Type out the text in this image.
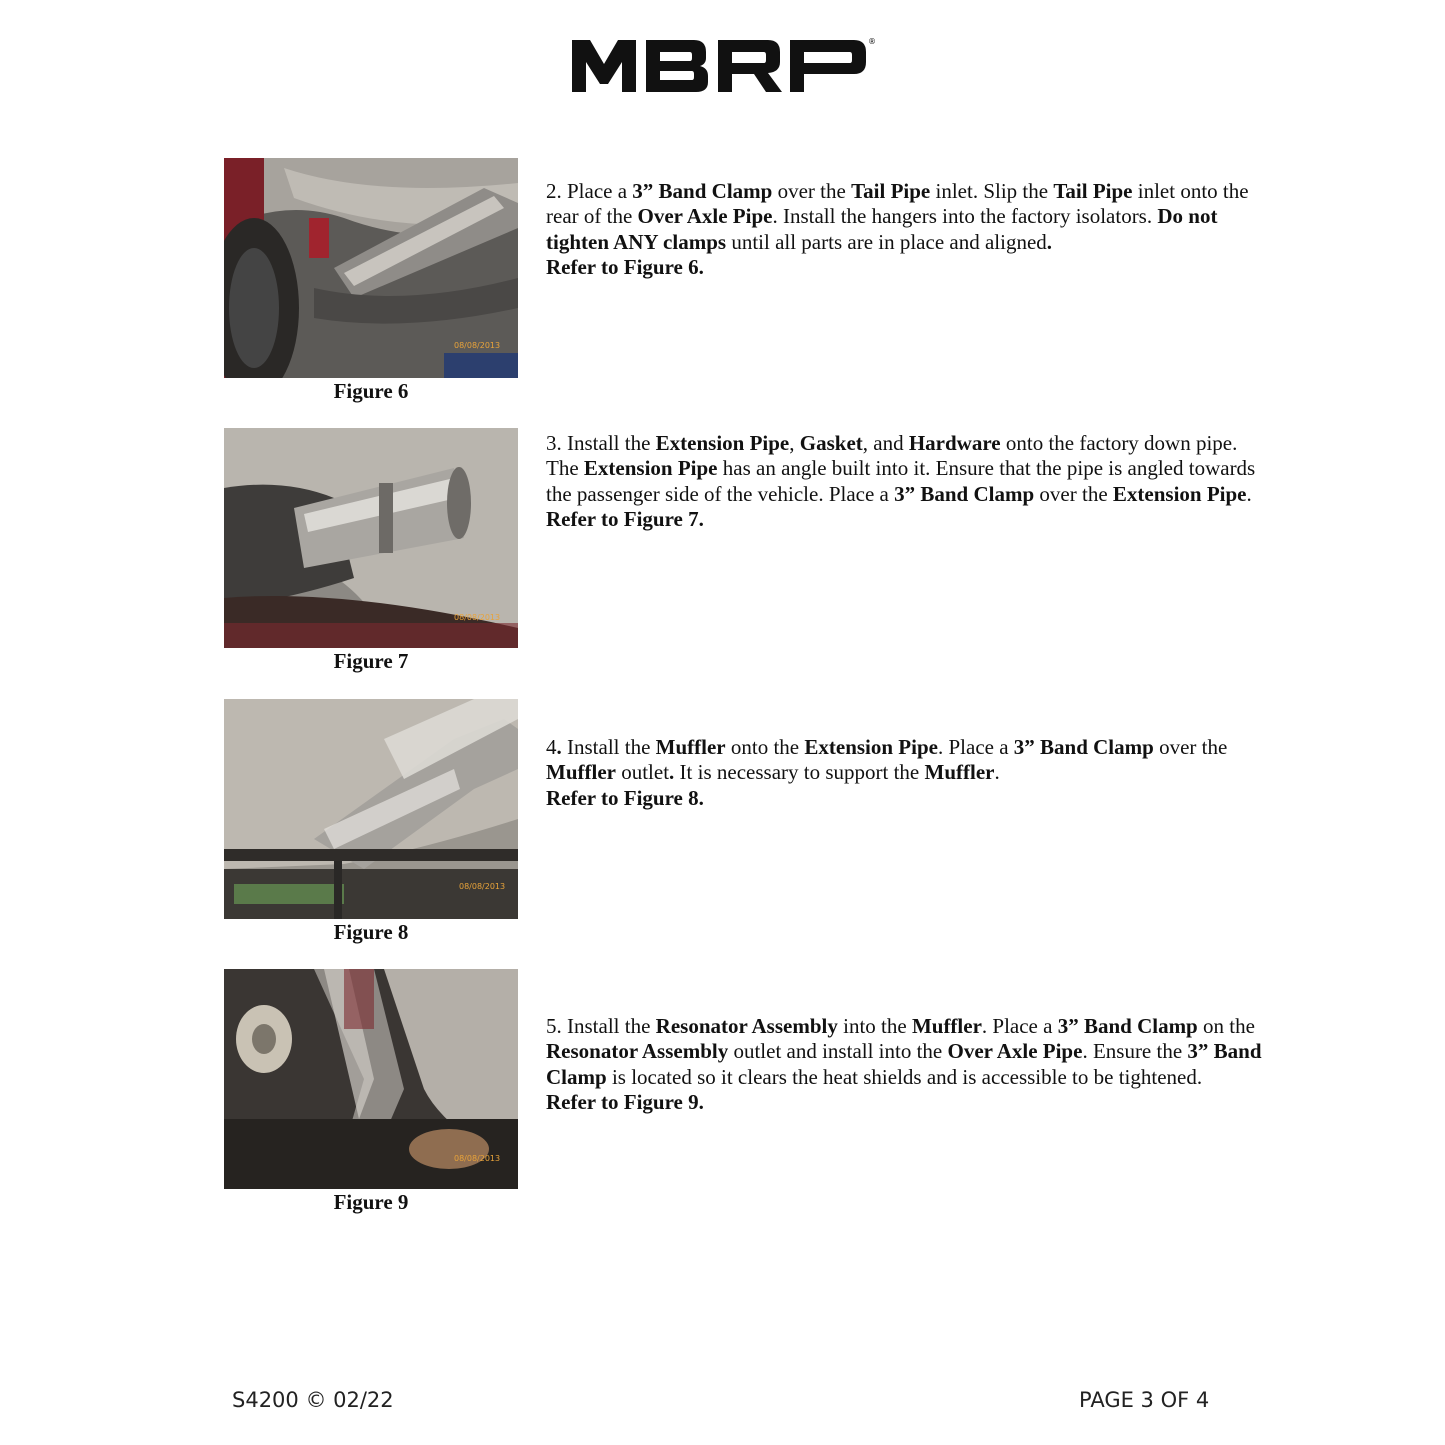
®
08/08/2013
Figure 6
2. Place a 3” Band Clamp over the Tail Pipe inlet. Slip the Tail Pipe inlet onto the rear of the Over Axle Pipe. Install the hangers into the factory isolators. Do not tighten ANY clamps until all parts are in place and aligned.
Refer to Figure 6.
08/08/2013
Figure 7
3. Install the Extension Pipe, Gasket, and Hardware onto the factory down pipe. The Extension Pipe has an angle built into it. Ensure that the pipe is angled towards the passenger side of the vehicle. Place a 3” Band Clamp over the Extension Pipe.
Refer to Figure 7.
08/08/2013
Figure 8
4. Install the Muffler onto the Extension Pipe. Place a 3” Band Clamp over the Muffler outlet. It is necessary to support the Muffler.
Refer to Figure 8.
08/08/2013
Figure 9
5. Install the Resonator Assembly into the Muffler. Place a 3” Band Clamp on the Resonator Assembly outlet and install into the Over Axle Pipe. Ensure the 3” Band Clamp is located so it clears the heat shields and is accessible to be tightened.
Refer to Figure 9.
S4200 © 02/22	PAGE 3 OF 4
